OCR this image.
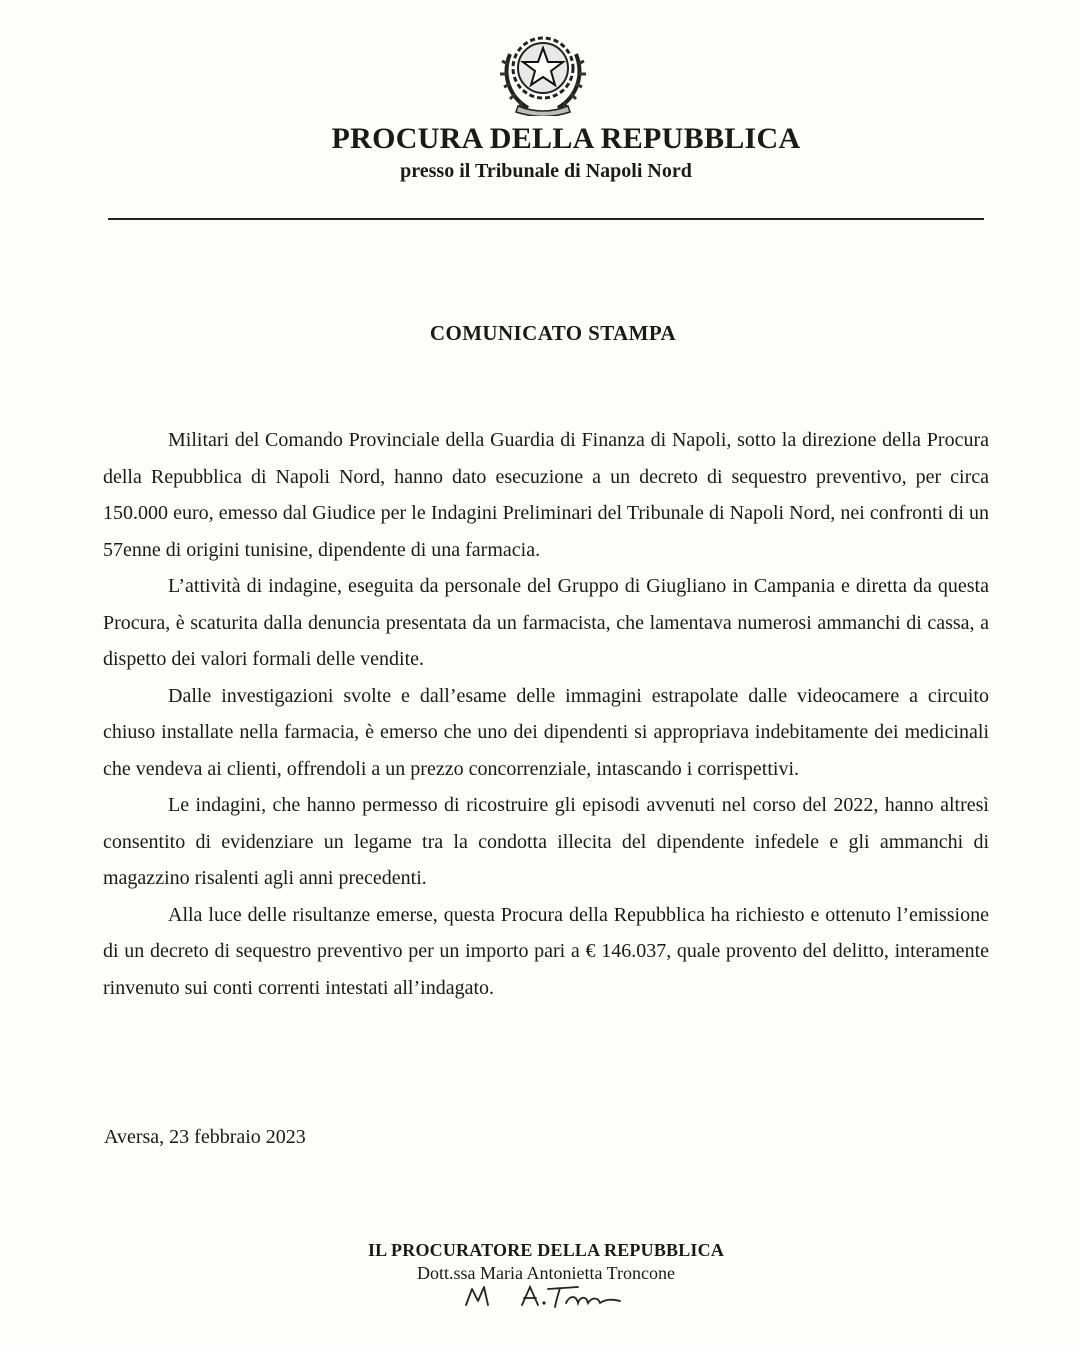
PROCURA DELLA REPUBBLICA
presso il Tribunale di Napoli Nord
COMUNICATO STAMPA

Militari del Comando Provinciale della Guardia di Finanza di Napoli, sotto la direzione della Procura della Repubblica di Napoli Nord, hanno dato esecuzione a un decreto di sequestro preventivo, per circa 150.000 euro, emesso dal Giudice per le Indagini Preliminari del Tribunale di Napoli Nord, nei confronti di un 57enne di origini tunisine, dipendente di una farmacia.

L’attività di indagine, eseguita da personale del Gruppo di Giugliano in Campania e diretta da questa Procura, è scaturita dalla denuncia presentata da un farmacista, che lamentava numerosi ammanchi di cassa, a dispetto dei valori formali delle vendite.

Dalle investigazioni svolte e dall’esame delle immagini estrapolate dalle videocamere a circuito chiuso installate nella farmacia, è emerso che uno dei dipendenti si appropriava indebitamente dei medicinali che vendeva ai clienti, offrendoli a un prezzo concorrenziale, intascando i corrispettivi.

Le indagini, che hanno permesso di ricostruire gli episodi avvenuti nel corso del 2022, hanno altresì consentito di evidenziare un legame tra la condotta illecita del dipendente infedele e gli ammanchi di magazzino risalenti agli anni precedenti.

Alla luce delle risultanze emerse, questa Procura della Repubblica ha richiesto e ottenuto l’emissione di un decreto di sequestro preventivo per un importo pari a € 146.037, quale provento del delitto, interamente rinvenuto sui conti correnti intestati all’indagato.

Aversa, 23 febbraio 2023
IL PROCURATORE DELLA REPUBBLICA
Dott.ssa Maria Antonietta Troncone
